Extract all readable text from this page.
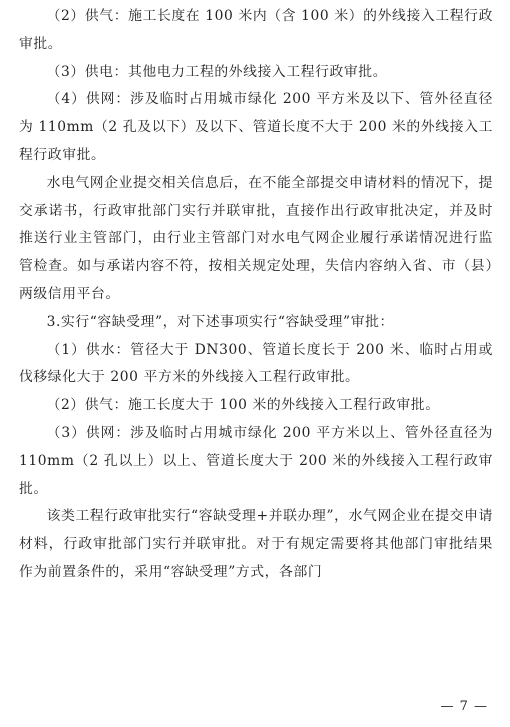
（2）供气：施工长度在 100 米内（含 100 米）的外线接入工程行政审批。

（3）供电：其他电力工程的外线接入工程行政审批。

（4）供网：涉及临时占用城市绿化 200 平方米及以下、管外径直径为 110mm（2 孔及以下）及以下、管道长度不大于 200 米的外线接入工程行政审批。

水电气网企业提交相关信息后，在不能全部提交申请材料的情况下，提交承诺书，行政审批部门实行并联审批，直接作出行政审批决定，并及时推送行业主管部门，由行业主管部门对水电气网企业履行承诺情况进行监管检查。如与承诺内容不符，按相关规定处理，失信内容纳入省、市（县）两级信用平台。

3.实行“容缺受理”，对下述事项实行“容缺受理”审批：

（1）供水：管径大于 DN300、管道长度长于 200 米、临时占用或伐移绿化大于 200 平方米的外线接入工程行政审批。

（2）供气：施工长度大于 100 米的外线接入工程行政审批。

（3）供网：涉及临时占用城市绿化 200 平方米以上、管外径直径为 110mm（2 孔以上）以上、管道长度大于 200 米的外线接入工程行政审批。

该类工程行政审批实行“容缺受理+并联办理”，水气网企业在提交申请材料，行政审批部门实行并联审批。对于有规定需要将其他部门审批结果作为前置条件的，采用“容缺受理”方式，各部门

— 7 —
